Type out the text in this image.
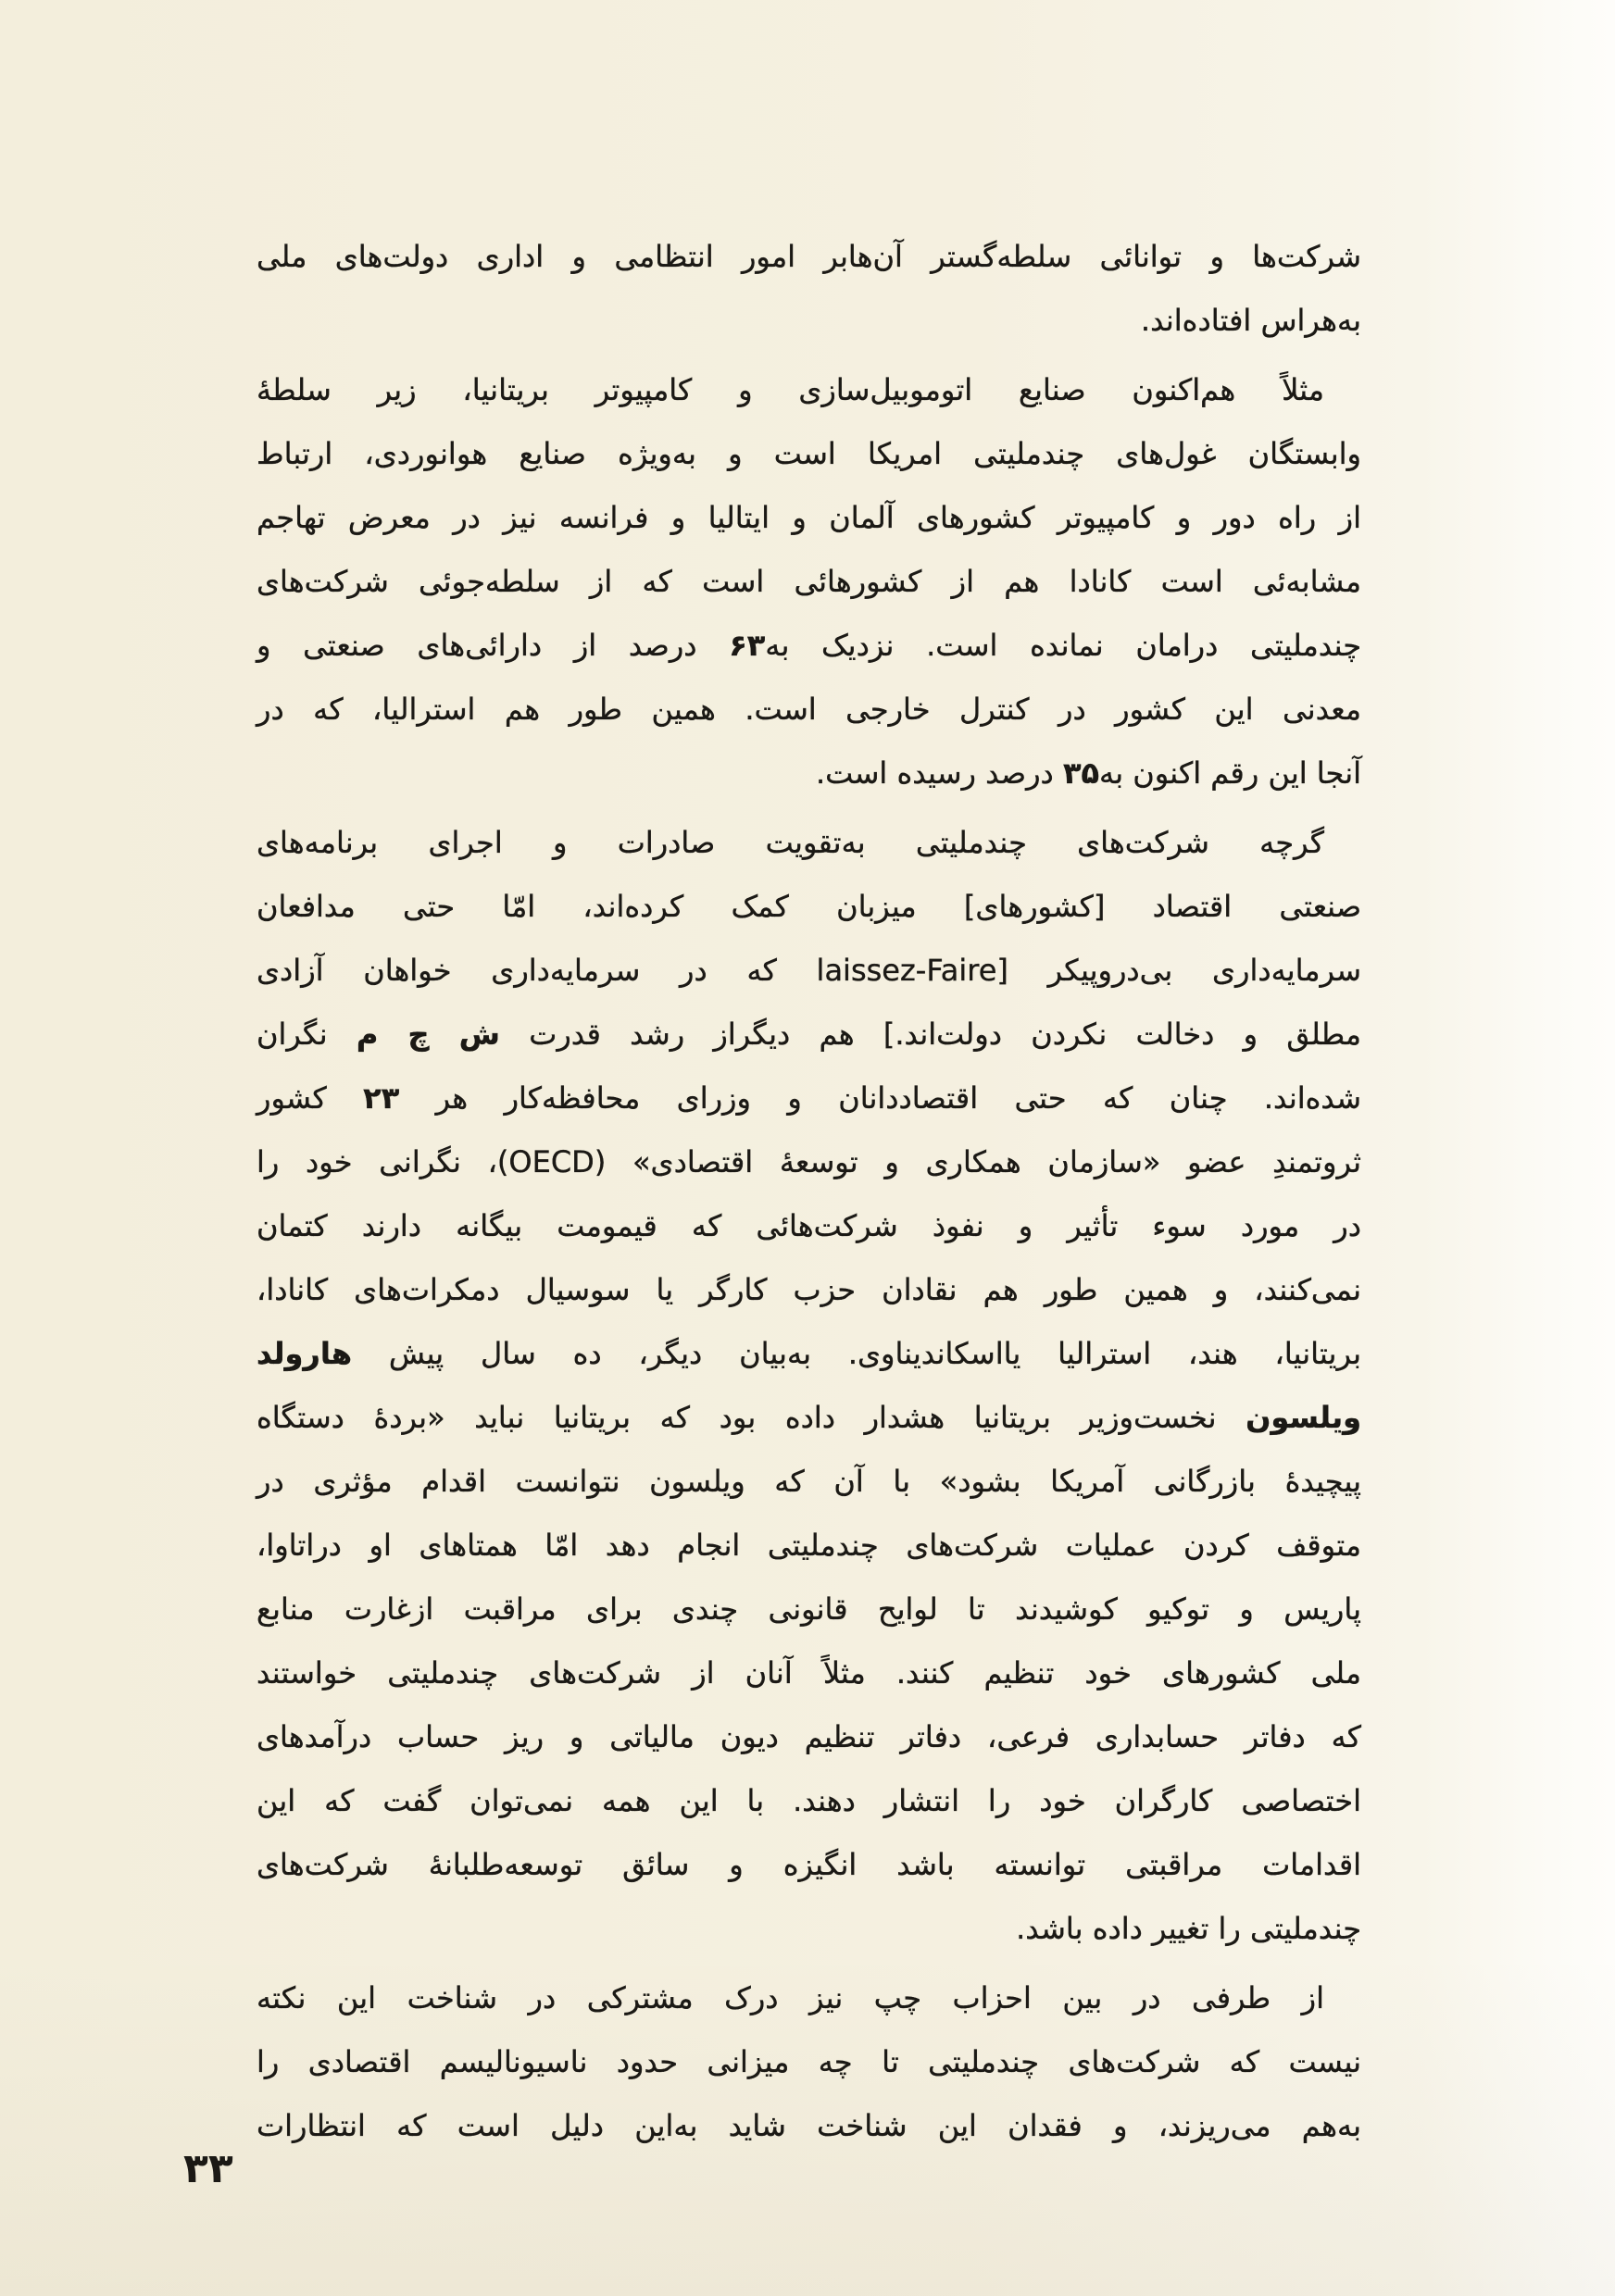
شرکت‌ها و توانائی سلطه‌گستر آن‌هابر امور انتظامی و اداری دولت‌های ملی
به‌هراس افتاده‌اند.
مثلاً هم‌اکنون صنایع اتوموبیل‌سازی و کامپیوتر بریتانیا، زیر سلطهٔ
وابستگان غول‌های چندملیتی امریکا است و به‌ویژه صنایع هوانوردی، ارتباط
از راه دور و کامپیوتر کشورهای آلمان و ایتالیا و فرانسه نیز در معرض تهاجم
مشابه‌ئی است کانادا هم از کشورهائی است که از سلطه‌جوئی شرکت‌های
چندملیتی درامان نمانده است. نزدیک به۶۳ درصد از دارائی‌های صنعتی و
معدنی این کشور در کنترل خارجی است. همین طور هم استرالیا، که در
آنجا این رقم اکنون به۳۵ درصد رسیده است.
گرچه شرکت‌های چندملیتی به‌تقویت صادرات و اجرای برنامه‌های
صنعتی اقتصاد [کشورهای] میزبان کمک کرده‌اند، امّا حتی مدافعان
سرمایه‌داری بی‌دروپیکر [laissez-Faire که در سرمایه‌داری خواهان آزادی
مطلق و دخالت نکردن دولت‌اند.] هم دیگراز رشد قدرت ش چ م نگران
شده‌اند. چنان که حتی اقتصاددانان و وزرای محافظه‌کار هر ۲۳ کشور
ثروتمندِ عضو «سازمان همکاری و توسعهٔ اقتصادی» (OECD)، نگرانی خود را
در مورد سوء تأثیر و نفوذ شرکت‌هائی که قیمومت بیگانه دارند کتمان
نمی‌کنند، و همین طور هم نقادان حزب کارگر یا سوسیال دمکرات‌های کانادا،
بریتانیا، هند، استرالیا یااسکاندیناوی. به‌بیان دیگر، ده سال پیش هارولد
ویلسون نخست‌وزیر بریتانیا هشدار داده بود که بریتانیا نباید «بردهٔ دستگاه
پیچیدهٔ بازرگانی آمریکا بشود» با آن که ویلسون نتوانست اقدام مؤثری در
متوقف کردن عملیات شرکت‌های چندملیتی انجام دهد امّا همتاهای او دراتاوا،
پاریس و توکیو کوشیدند تا لوایح قانونی چندی برای مراقبت ازغارت منابع
ملی کشورهای خود تنظیم کنند. مثلاً آنان از شرکت‌های چندملیتی خواستند
که دفاتر حسابداری فرعی، دفاتر تنظیم دیون مالیاتی و ریز حساب درآمدهای
اختصاصی کارگران خود را انتشار دهند. با این همه نمی‌توان گفت که این
اقدامات مراقبتی توانسته باشد انگیزه و سائق توسعه‌طلبانهٔ شرکت‌های
چندملیتی را تغییر داده باشد.
از طرفی در بین احزاب چپ نیز درک مشترکی در شناخت این نکته
نیست که شرکت‌های چندملیتی تا چه میزانی حدود ناسیونالیسم اقتصادی را
به‌هم می‌ریزند، و فقدان این شناخت شاید به‌این دلیل است که انتظارات
۳۳
